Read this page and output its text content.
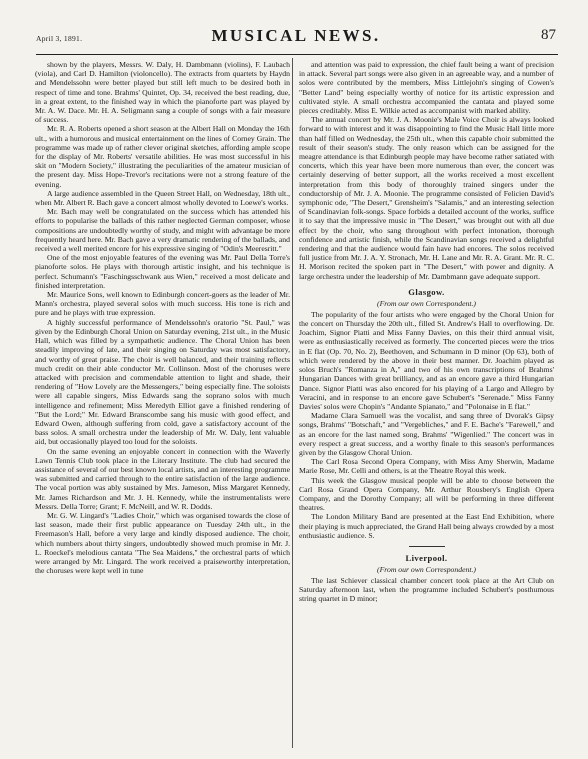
April 3, 1891.	MUSICAL NEWS.	87

shown by the players, Messrs. W. Daly, H. Dambmann (violins), F. Laubach (viola), and Carl D. Hamilton (violoncello). The extracts from quartets by Haydn and Mendelssohn were better played but still left much to be desired both in respect of time and tone. Brahms' Quintet, Op. 34, received the best reading, due, in a great extent, to the finished way in which the pianoforte part was played by Mr. A. W. Dace. Mr. H. A. Seligmann sang a couple of songs with a fair measure of success.

Mr. R. A. Roberts opened a short season at the Albert Hall on Monday the 16th ult., with a humorous and musical entertainment on the lines of Corney Grain. The programme was made up of rather clever original sketches, affording ample scope for the display of Mr. Roberts' versatile abilities. He was most successful in his skit on "Modern Society," illustrating the peculiarities of the amateur musician of the present day. Miss Hope-Trevor's recitations were not a strong feature of the evening.

A large audience assembled in the Queen Street Hall, on Wednesday, 18th ult., when Mr. Albert R. Bach gave a concert almost wholly devoted to Loewe's works.

Mr. Bach may well be congratulated on the success which has attended his efforts to popularise the ballads of this rather neglected German composer, whose compositions are undoubtedly worthy of study, and might with advantage be more frequently heard here. Mr. Bach gave a very dramatic rendering of the ballads, and received a well merited encore for his expressive singing of "Odin's Meeresritt."

One of the most enjoyable features of the evening was Mr. Paul Della Torre's pianoforte solos. He plays with thorough artistic insight, and his technique is perfect. Schumann's "Faschingsschwank aus Wien," received a most delicate and finished interpretation.

Mr. Maurice Sons, well known to Edinburgh concert-goers as the leader of Mr. Mann's orchestra, played several solos with much success. His tone is rich and pure and he plays with true expression.

A highly successful performance of Mendelssohn's oratorio "St. Paul," was given by the Edinburgh Choral Union on Saturday evening, 21st ult., in the Music Hall, which was filled by a sympathetic audience. The Choral Union has been steadily improving of late, and their singing on Saturday was most satisfactory, and worthy of great praise. The choir is well balanced, and their training reflects much credit on their able conductor Mr. Collinson. Most of the choruses were attacked with precision and commendable attention to light and shade, their rendering of "How Lovely are the Messengers," being especially fine. The soloists were all capable singers, Miss Edwards sang the soprano solos with much intelligence and refinement; Miss Meredyth Elliot gave a finished rendering of "But the Lord;" Mr. Edward Branscombe sang his music with good effect, and Edward Owen, although suffering from cold, gave a satisfactory account of the bass solos. A small orchestra under the leadership of Mr. W. Daly, lent valuable aid, but occasionally played too loud for the soloists.

On the same evening an enjoyable concert in connection with the Waverly Lawn Tennis Club took place in the Literary Institute. The club had secured the assistance of several of our best known local artists, and an interesting programme was submitted and carried through to the entire satisfaction of the large audience. The vocal portion was ably sustained by Mrs. Jameson, Miss Margaret Kennedy, Mr. James Richardson and Mr. J. H. Kennedy, while the instrumentalists were Messrs. Della Torre; Grant; F. McNeill, and W. R. Dodds.

Mr. G. W. Lingard's "Ladies Choir," which was organised towards the close of last season, made their first public appearance on Tuesday 24th ult., in the Freemason's Hall, before a very large and kindly disposed audience. The choir, which numbers about thirty singers, undoubtedly showed much promise in Mr. J. L. Roeckel's melodious cantata "The Sea Maidens," the orchestral parts of which were arranged by Mr. Lingard. The work received a praiseworthy interpretation, the choruses were kept well in tune

and attention was paid to expression, the chief fault being a want of precision in attack. Several part songs were also given in an agreeable way, and a number of solos were contributed by the members, Miss Littlejohn's singing of Cowen's "Better Land" being especially worthy of notice for its artistic expression and cultivated style. A small orchestra accompanied the cantata and played some pieces creditably. Miss E. Wilkie acted as accompanist with marked ability.

The annual concert by Mr. J. A. Moonie's Male Voice Choir is always looked forward to with interest and it was disappointing to find the Music Hall little more than half filled on Wednesday, the 25th ult., when this capable choir submitted the result of their season's study. The only reason which can be assigned for the meagre attendance is that Edinburgh people may have become rather satiated with concerts, which this year have been more numerous than ever, the concert was certainly deserving of better support, all the works received a most excellent interpretation from this body of thoroughly trained singers under the conductorship of Mr. J. A. Moonie. The programme consisted of Felicien David's symphonic ode, "The Desert," Grensheim's "Salamis," and an interesting selection of Scandinavian folk-songs. Space forbids a detailed account of the works, suffice it to say that the impressive music in "The Desert," was brought out with all due effect by the choir, who sang throughout with perfect intonation, thorough confidence and artistic finish, while the Scandinavian songs received a delightful rendering and that the audience would fain have had encores. The solos received full justice from Mr. J. A. Y. Stronach, Mr. H. Lane and Mr. R. A. Grant. Mr. R. C. H. Morison recited the spoken part in "The Desert," with power and dignity. A large orchestra under the leadership of Mr. Dambmann gave adequate support.

Glasgow.
(From our own Correspondent.)

The popularity of the four artists who were engaged by the Choral Union for the concert on Thursday the 20th ult., filled St. Andrew's Hall to overflowing. Dr. Joachim, Signor Piatti and Miss Fanny Davies, on this their third annual visit, were as enthusiastically received as formerly. The concerted pieces were the trios in E flat (Op. 70, No. 2), Beethoven, and Schumann in D minor (Op 63), both of which were rendered by the above in their best manner. Dr. Joachim played as solos Bruch's "Romanza in A," and two of his own transcriptions of Brahms' Hungarian Dances with great brilliancy, and as an encore gave a third Hungarian Dance. Signor Piatti was also encored for his playing of a Largo and Allegro by Veracini, and in response to an encore gave Schubert's "Serenade." Miss Fanny Davies' solos were Chopin's "Andante Spianato," and "Polonaise in E flat."

Madame Clara Samuell was the vocalist, and sang three of Dvorak's Gipsy songs, Brahms' "Botschaft," and "Vergebliches," and F. E. Bache's "Farewell," and as an encore for the last named song, Brahms' "Wigenlied." The concert was in every respect a great success, and a worthy finale to this season's performances given by the Glasgow Choral Union.

The Carl Rosa Second Opera Company, with Miss Amy Sherwin, Madame Marie Rose, Mr. Celli and others, is at the Theatre Royal this week.

This week the Glasgow musical people will be able to choose between the Carl Rosa Grand Opera Company, Mr. Arthur Rousbery's English Opera Company, and the Dorothy Company; all will be performing in three different theatres.

The London Military Band are presented at the East End Exhibition, where their playing is much appreciated, the Grand Hall being always crowded by a most enthusiastic audience. S.

Liverpool.
(From our own Correspondent.)

The last Schiever classical chamber concert took place at the Art Club on Saturday afternoon last, when the programme included Schubert's posthumous string quartet in D minor;
